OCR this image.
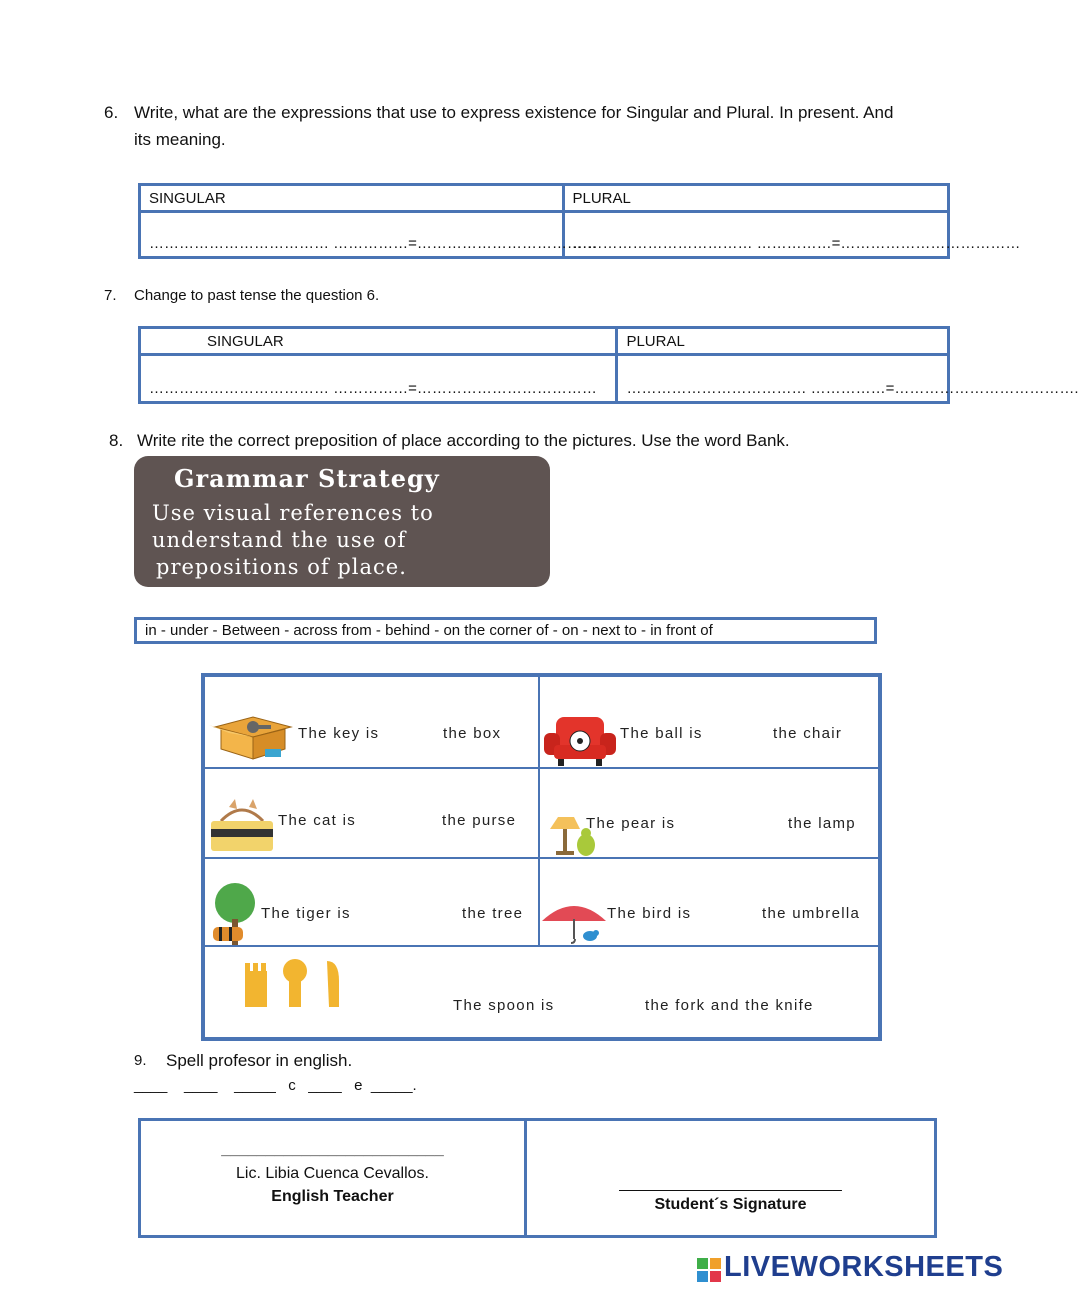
6. Write, what are the expressions that use to express existence for Singular and Plural. In present. And
its meaning.
SINGULAR	PLURAL
……………………………… ……………=………………………………	……………………………… ……………=………………………………
7. Change to past tense the question 6.
SINGULAR	PLURAL
……………………………… ……………=………………………………	……………………………… ……………=……………………………….
8. Write rite the correct preposition of place according to the pictures. Use the word Bank.
Grammar Strategy
Use visual references to
understand the use of
prepositions of place.
in - under - Between - across from - behind - on the corner of - on - next to - in front of
The key is	the box	The ball is	the chair
The cat is	the purse	The pear is	the lamp
The tiger is	the tree	The bird is	the umbrella
The spoon is	the fork and the knife
9. Spell profesor in english.
____    ____    _____   c   ____   e  _____.
_________________________
Lic. Libia Cuenca Cevallos.
English Teacher
_________________________
Student´s Signature
LIVEWORKSHEETS
